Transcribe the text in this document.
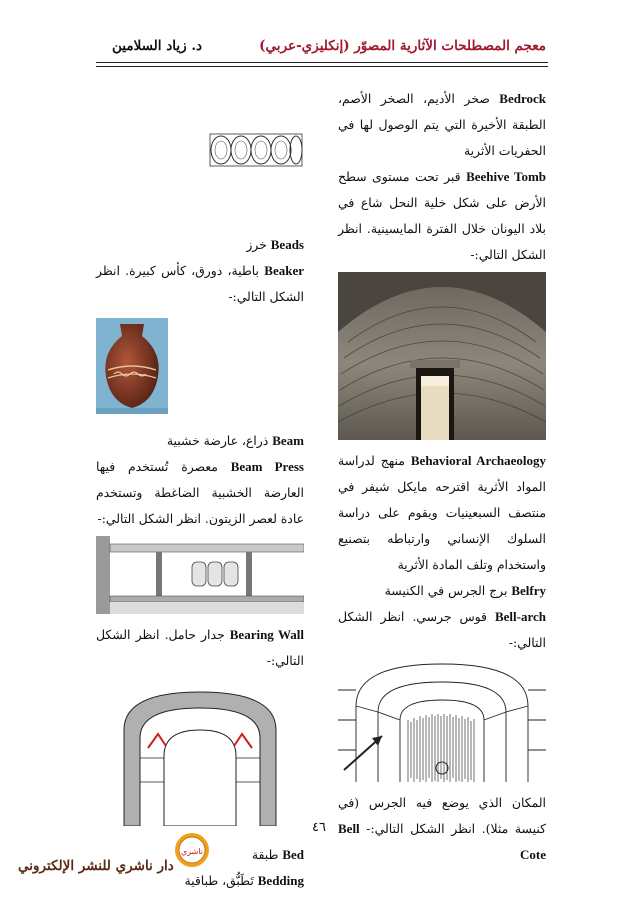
معجم المصطلحات الآثارية المصوّر (إنكليزي-عربي)
د. زياد السلامين
Bedrock صخر الأديم، الصخر الأصم، الطبقة الأخيرة التي يتم الوصول لها في الحفريات الأثرية
Beehive Tomb قبر تحت مستوى سطح الأرض على شكل خلية النحل شاع في بلاد اليونان خلال الفترة المايسينية. انظر الشكل التالي:-
Behavioral Archaeology منهج لدراسة المواد الأثرية اقترحه مايكل شيفر في منتصف السبعينيات ويقوم على دراسة السلوك الإنساني وارتباطه بتصنيع واستخدام وتلف المادة الأثرية
Belfry برج الجرس في الكنيسة
Bell-arch قوس جرسي. انظر الشكل التالي:-
المكان الذي يوضع فيه الجرس (في كنيسة مثلا). انظر الشكل التالي:- Bell Cote
Beads خرز
Beaker باطية، دورق، كأس كبيرة. انظر الشكل التالي:-
Beam ذراع، عارضة خشبية
Beam Press معصرة تُستخدم فيها العارضة الخشبية الضاغطة وتستخدم عادة لعصر الزيتون. انظر الشكل التالي:-
Bearing Wall جدار حامل. انظر الشكل التالي:-
Bed طبقة
Bedding تَطَبُّق، طباقية
٤٦
ناشري
دار ناشري للنشر الإلكتروني
